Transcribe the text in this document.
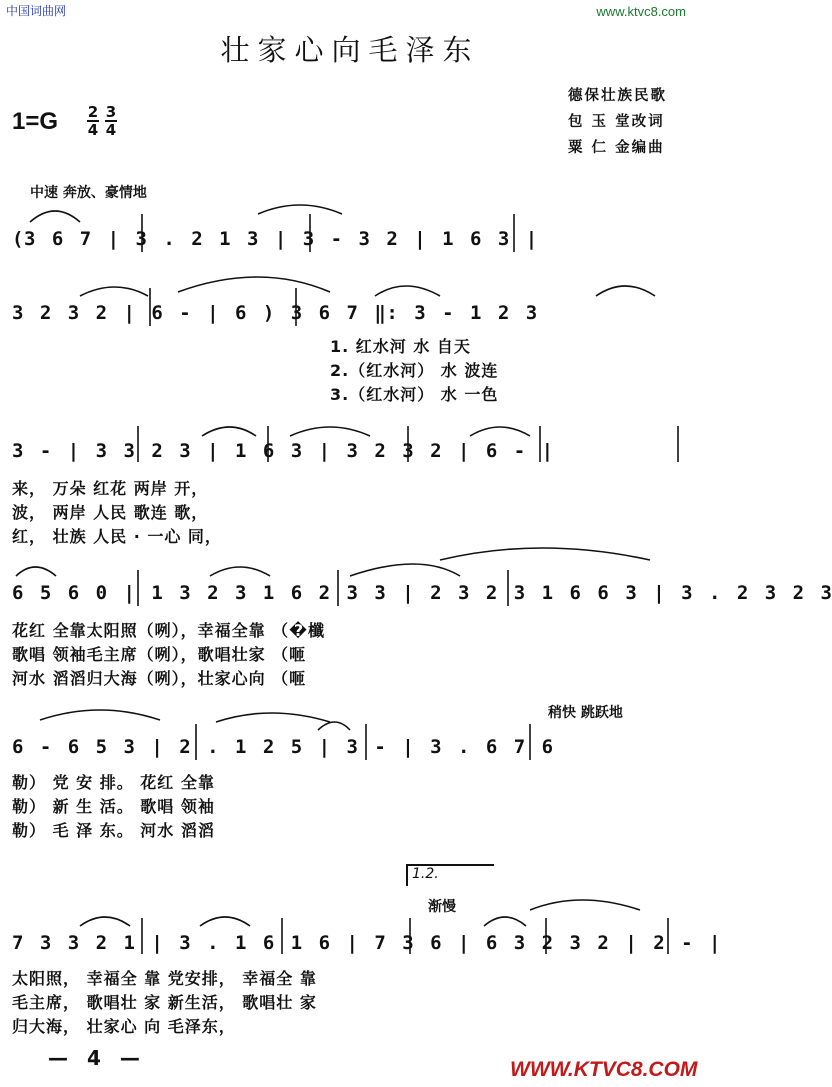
中国词曲网	www.ktvc8.com
壮家心向毛泽东
德保壮族民歌
包 玉 堂改词
粟 仁 金编曲
1=G 2
4
3
4
中速 奔放、豪情地
(3 6 7 | 3 . 2 1 3 | 3 - 3 2 | 1 6 3 |
3 2 3 2 | 6 - | 6 ) 3 6 7 ‖: 3 - 1 2 3
1. 红水河 水 自天
2.（红水河） 水 波连
3.（红水河） 水 一色
3 - | 3 3 2 3 | 1 6 3 | 3 2 3 2 | 6 - |
来， 万朵 红花 两岸 开，
波， 两岸 人民 歌连 歌，
红， 壮族 人民 · 一心 同，
6 5 6 0 | 1 3 2 3 1 6 2 3 3 | 2 3 2 3 1 6 6 3 | 3 . 2 3 2 3
花红 全靠太阳照（咧），幸福全靠 （�櫼
歌唱 领袖毛主席（咧），歌唱壮家 （咂
河水 滔滔归大海（咧），壮家心向 （咂
稍快 跳跃地
6 - 6 5 3 | 2 . 1 2 5 | 3 - | 3 . 6 7 6
勒） 党 安 排。 花红 全靠
勒） 新 生 活。 歌唱 领袖
勒） 毛 泽 东。 河水 滔滔
1.2.
渐慢
7 3 3 2 1 | 3 . 1 6 1 6 | 7 3 6 | 6 3 2 3 2 | 2 - |
太阳照， 幸福全 靠 党安排， 幸福全 靠
毛主席， 歌唱壮 家 新生活， 歌唱壮 家
归大海， 壮家心 向 毛泽东，
— 4 —	WWW.KTVC8.COM
